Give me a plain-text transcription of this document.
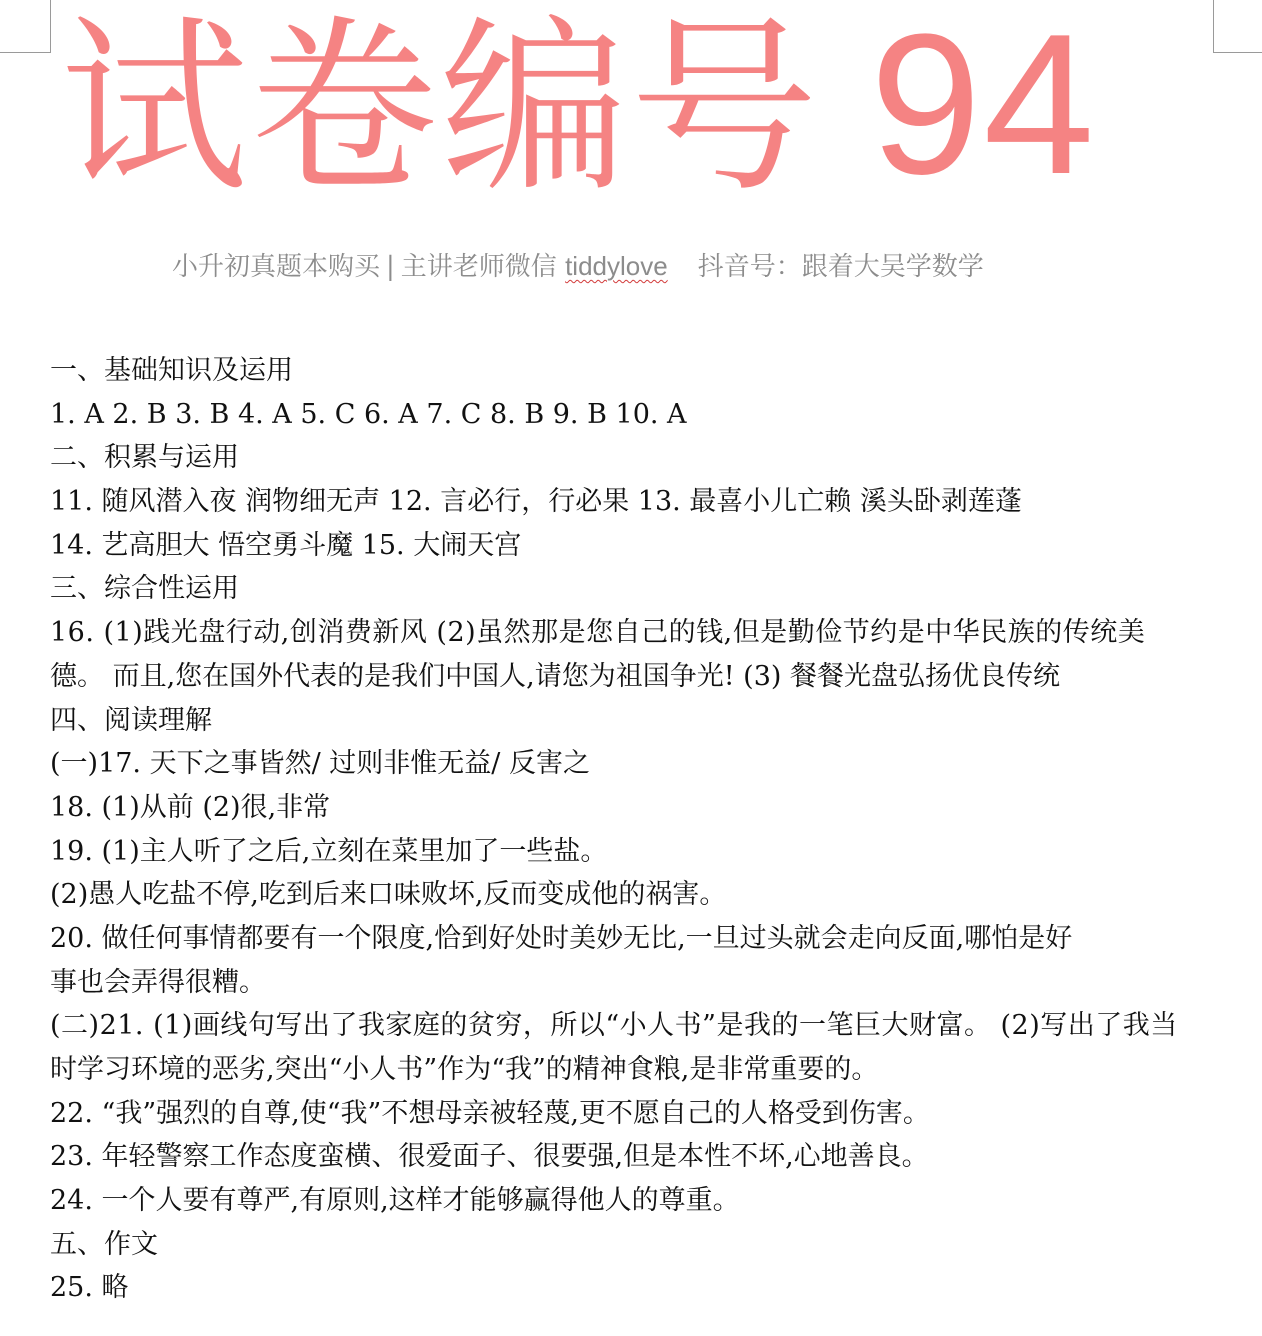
试卷编号 94
小升初真题本购买 | 主讲老师微信 tiddylove 抖音号：跟着大吴学数学
一、基础知识及运用
1. A 2. B 3. B 4. A 5. C 6. A 7. C 8. B 9. B 10. A
二、积累与运用
11. 随风潜入夜 润物细无声 12. 言必行，行必果 13. 最喜小儿亡赖 溪头卧剥莲蓬
14. 艺高胆大 悟空勇斗魔 15. 大闹天宫
三、综合性运用
16. (1)践光盘行动,创消费新风 (2)虽然那是您自己的钱,但是勤俭节约是中华民族的传统美
德。 而且,您在国外代表的是我们中国人,请您为祖国争光! (3) 餐餐光盘弘扬优良传统
四、阅读理解
(一)17. 天下之事皆然/ 过则非惟无益/ 反害之
18. (1)从前 (2)很,非常
19. (1)主人听了之后,立刻在菜里加了一些盐。
(2)愚人吃盐不停,吃到后来口味败坏,反而变成他的祸害。
20. 做任何事情都要有一个限度,恰到好处时美妙无比,一旦过头就会走向反面,哪怕是好
事也会弄得很糟。
(二)21. (1)画线句写出了我家庭的贫穷，所以“小人书”是我的一笔巨大财富。 (2)写出了我当
时学习环境的恶劣,突出“小人书”作为“我”的精神食粮,是非常重要的。
22. “我”强烈的自尊,使“我”不想母亲被轻蔑,更不愿自己的人格受到伤害。
23. 年轻警察工作态度蛮横、很爱面子、很要强,但是本性不坏,心地善良。
24. 一个人要有尊严,有原则,这样才能够赢得他人的尊重。
五、作文
25. 略
